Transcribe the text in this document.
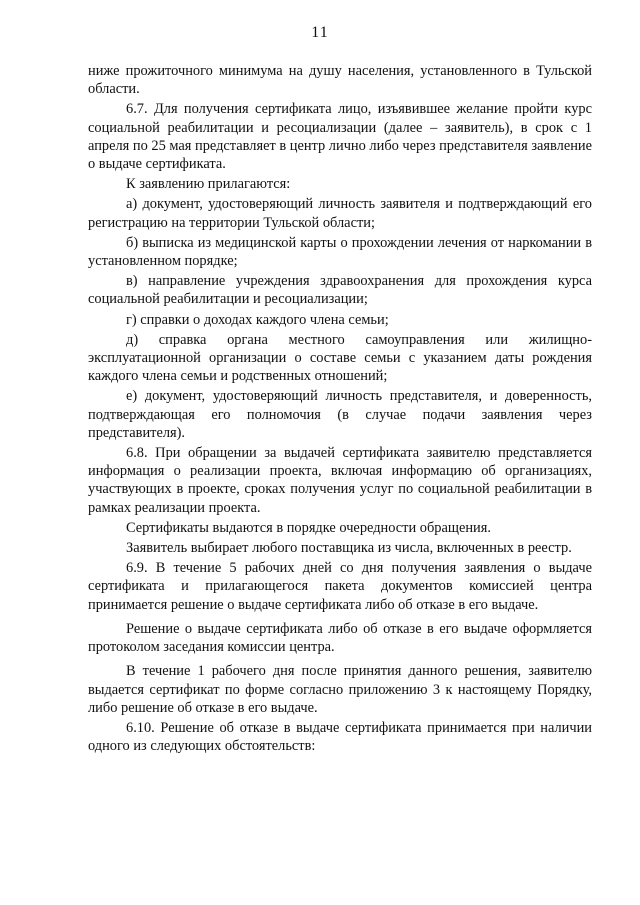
11

ниже прожиточного минимума на душу населения, установленного в Тульской области.

6.7. Для получения сертификата лицо, изъявившее желание пройти курс социальной реабилитации и ресоциализации (далее – заявитель), в срок с 1 апреля по 25 мая представляет в центр лично либо через представителя заявление о выдаче сертификата.

К заявлению прилагаются:

а) документ, удостоверяющий личность заявителя и подтверждающий его регистрацию на территории Тульской области;

б) выписка из медицинской карты о прохождении лечения от наркомании в установленном порядке;

в) направление учреждения здравоохранения для прохождения курса социальной реабилитации и ресоциализации;

г) справки о доходах каждого члена семьи;

д) справка органа местного самоуправления или жилищно-эксплуатационной организации о составе семьи с указанием даты рождения каждого члена семьи и родственных отношений;

е) документ, удостоверяющий личность представителя, и доверенность, подтверждающая его полномочия (в случае подачи заявления через представителя).

6.8. При обращении за выдачей сертификата заявителю представляется информация о реализации проекта, включая информацию об организациях, участвующих в проекте, сроках получения услуг по социальной реабилитации в рамках реализации проекта.

Сертификаты выдаются в порядке очередности обращения.

Заявитель выбирает любого поставщика из числа, включенных в реестр.

6.9. В течение 5 рабочих дней со дня получения заявления о выдаче сертификата и прилагающегося пакета документов комиссией центра принимается решение о выдаче сертификата либо об отказе в его выдаче.

Решение о выдаче сертификата либо об отказе в его выдаче оформляется протоколом заседания комиссии центра.

В течение 1 рабочего дня после принятия данного решения, заявителю выдается сертификат по форме согласно приложению 3 к настоящему Порядку, либо решение об отказе в его выдаче.

6.10. Решение об отказе в выдаче сертификата принимается при наличии одного из следующих обстоятельств:
